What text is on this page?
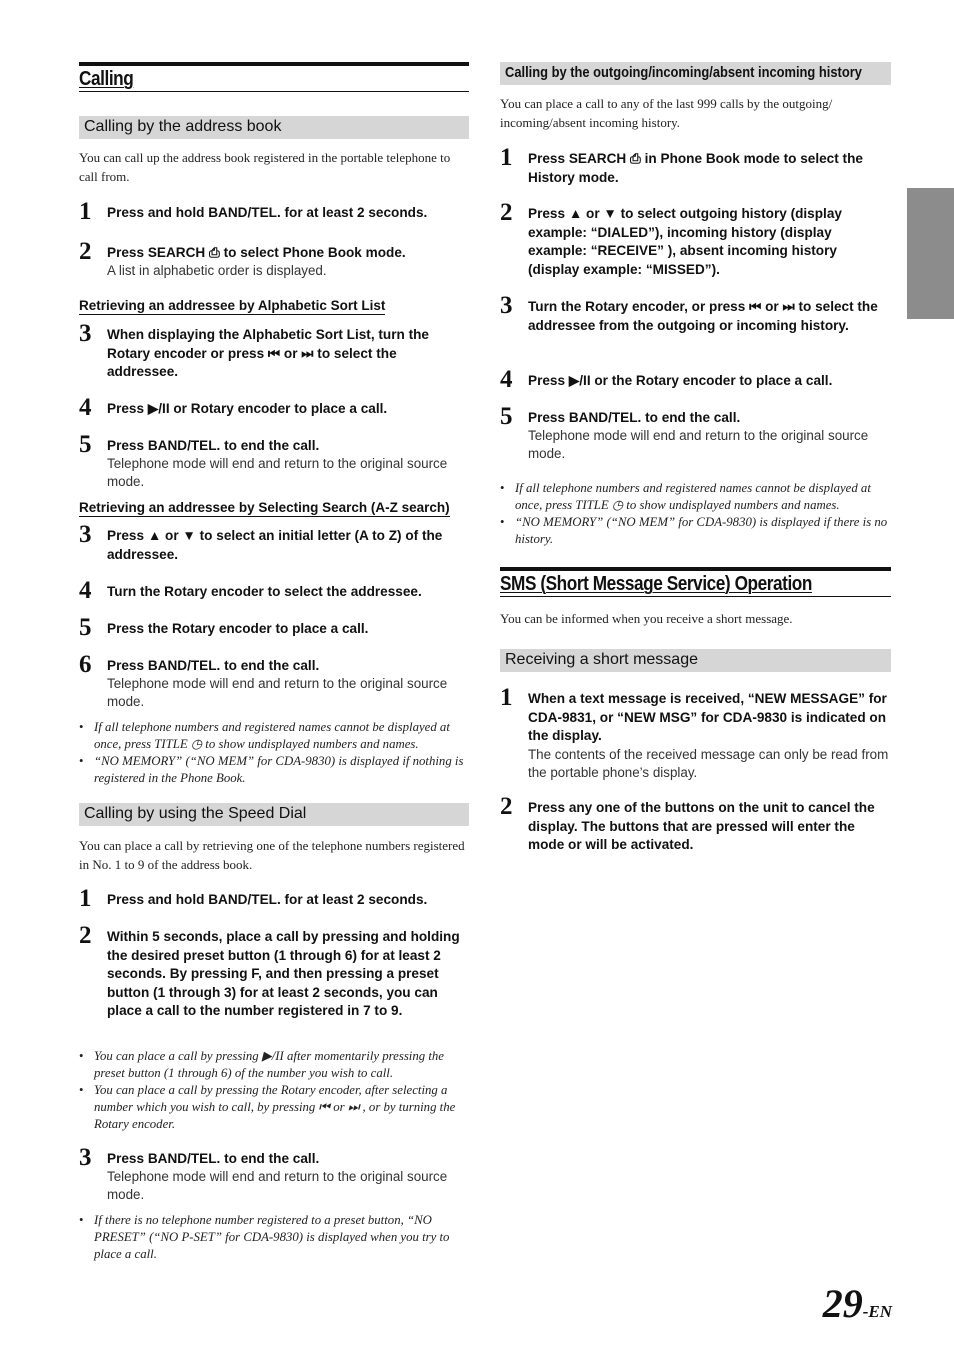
Calling
Calling by the address book
You can call up the address book registered in the portable telephone to call from.
1 Press and hold BAND/TEL. for at least 2 seconds.
2 Press SEARCH ⎙ to select Phone Book mode.
A list in alphabetic order is displayed.
Retrieving an addressee by Alphabetic Sort List
3 When displaying the Alphabetic Sort List, turn the Rotary encoder or press ⏮ or ⏭ to select the addressee.
4 Press ▶/II or Rotary encoder to place a call.
5 Press BAND/TEL. to end the call.
Telephone mode will end and return to the original source mode.
Retrieving an addressee by Selecting Search (A-Z search)
3 Press ▲ or ▼ to select an initial letter (A to Z) of the addressee.
4 Turn the Rotary encoder to select the addressee.
5 Press the Rotary encoder to place a call.
6 Press BAND/TEL. to end the call.
Telephone mode will end and return to the original source mode.
• If all telephone numbers and registered names cannot be displayed at once, press TITLE ◷ to show undisplayed numbers and names.
• “NO MEMORY” (“NO MEM” for CDA-9830) is displayed if nothing is registered in the Phone Book.
Calling by using the Speed Dial
You can place a call by retrieving one of the telephone numbers registered in No. 1 to 9 of the address book.
1 Press and hold BAND/TEL. for at least 2 seconds.
2 Within 5 seconds, place a call by pressing and holding the desired preset button (1 through 6) for at least 2 seconds. By pressing F, and then pressing a preset button (1 through 3) for at least 2 seconds, you can place a call to the number registered in 7 to 9.
• You can place a call by pressing ▶/II after momentarily pressing the preset button (1 through 6) of the number you wish to call.
• You can place a call by pressing the Rotary encoder, after selecting a number which you wish to call, by pressing ⏮ or ⏭ , or by turning the Rotary encoder.
3 Press BAND/TEL. to end the call.
Telephone mode will end and return to the original source mode.
• If there is no telephone number registered to a preset button, “NO PRESET” (“NO P-SET” for CDA-9830) is displayed when you try to place a call.
Calling by the outgoing/incoming/absent incoming history
You can place a call to any of the last 999 calls by the outgoing/ incoming/absent incoming history.
1 Press SEARCH ⎙ in Phone Book mode to select the History mode.
2 Press ▲ or ▼ to select outgoing history (display example: “DIALED”), incoming history (display example: “RECEIVE” ), absent incoming history (display example: “MISSED”).
3 Turn the Rotary encoder, or press ⏮ or ⏭ to select the addressee from the outgoing or incoming history.
4 Press ▶/II or the Rotary encoder to place a call.
5 Press BAND/TEL. to end the call.
Telephone mode will end and return to the original source mode.
• If all telephone numbers and registered names cannot be displayed at once, press TITLE ◷ to show undisplayed numbers and names.
• “NO MEMORY” (“NO MEM” for CDA-9830) is displayed if there is no history.
SMS (Short Message Service) Operation
You can be informed when you receive a short message.
Receiving a short message
1 When a text message is received, “NEW MESSAGE” for CDA-9831, or “NEW MSG” for CDA-9830 is indicated on the display.
The contents of the received message can only be read from the portable phone’s display.
2 Press any one of the buttons on the unit to cancel the display. The buttons that are pressed will enter the mode or will be activated.
29-EN
